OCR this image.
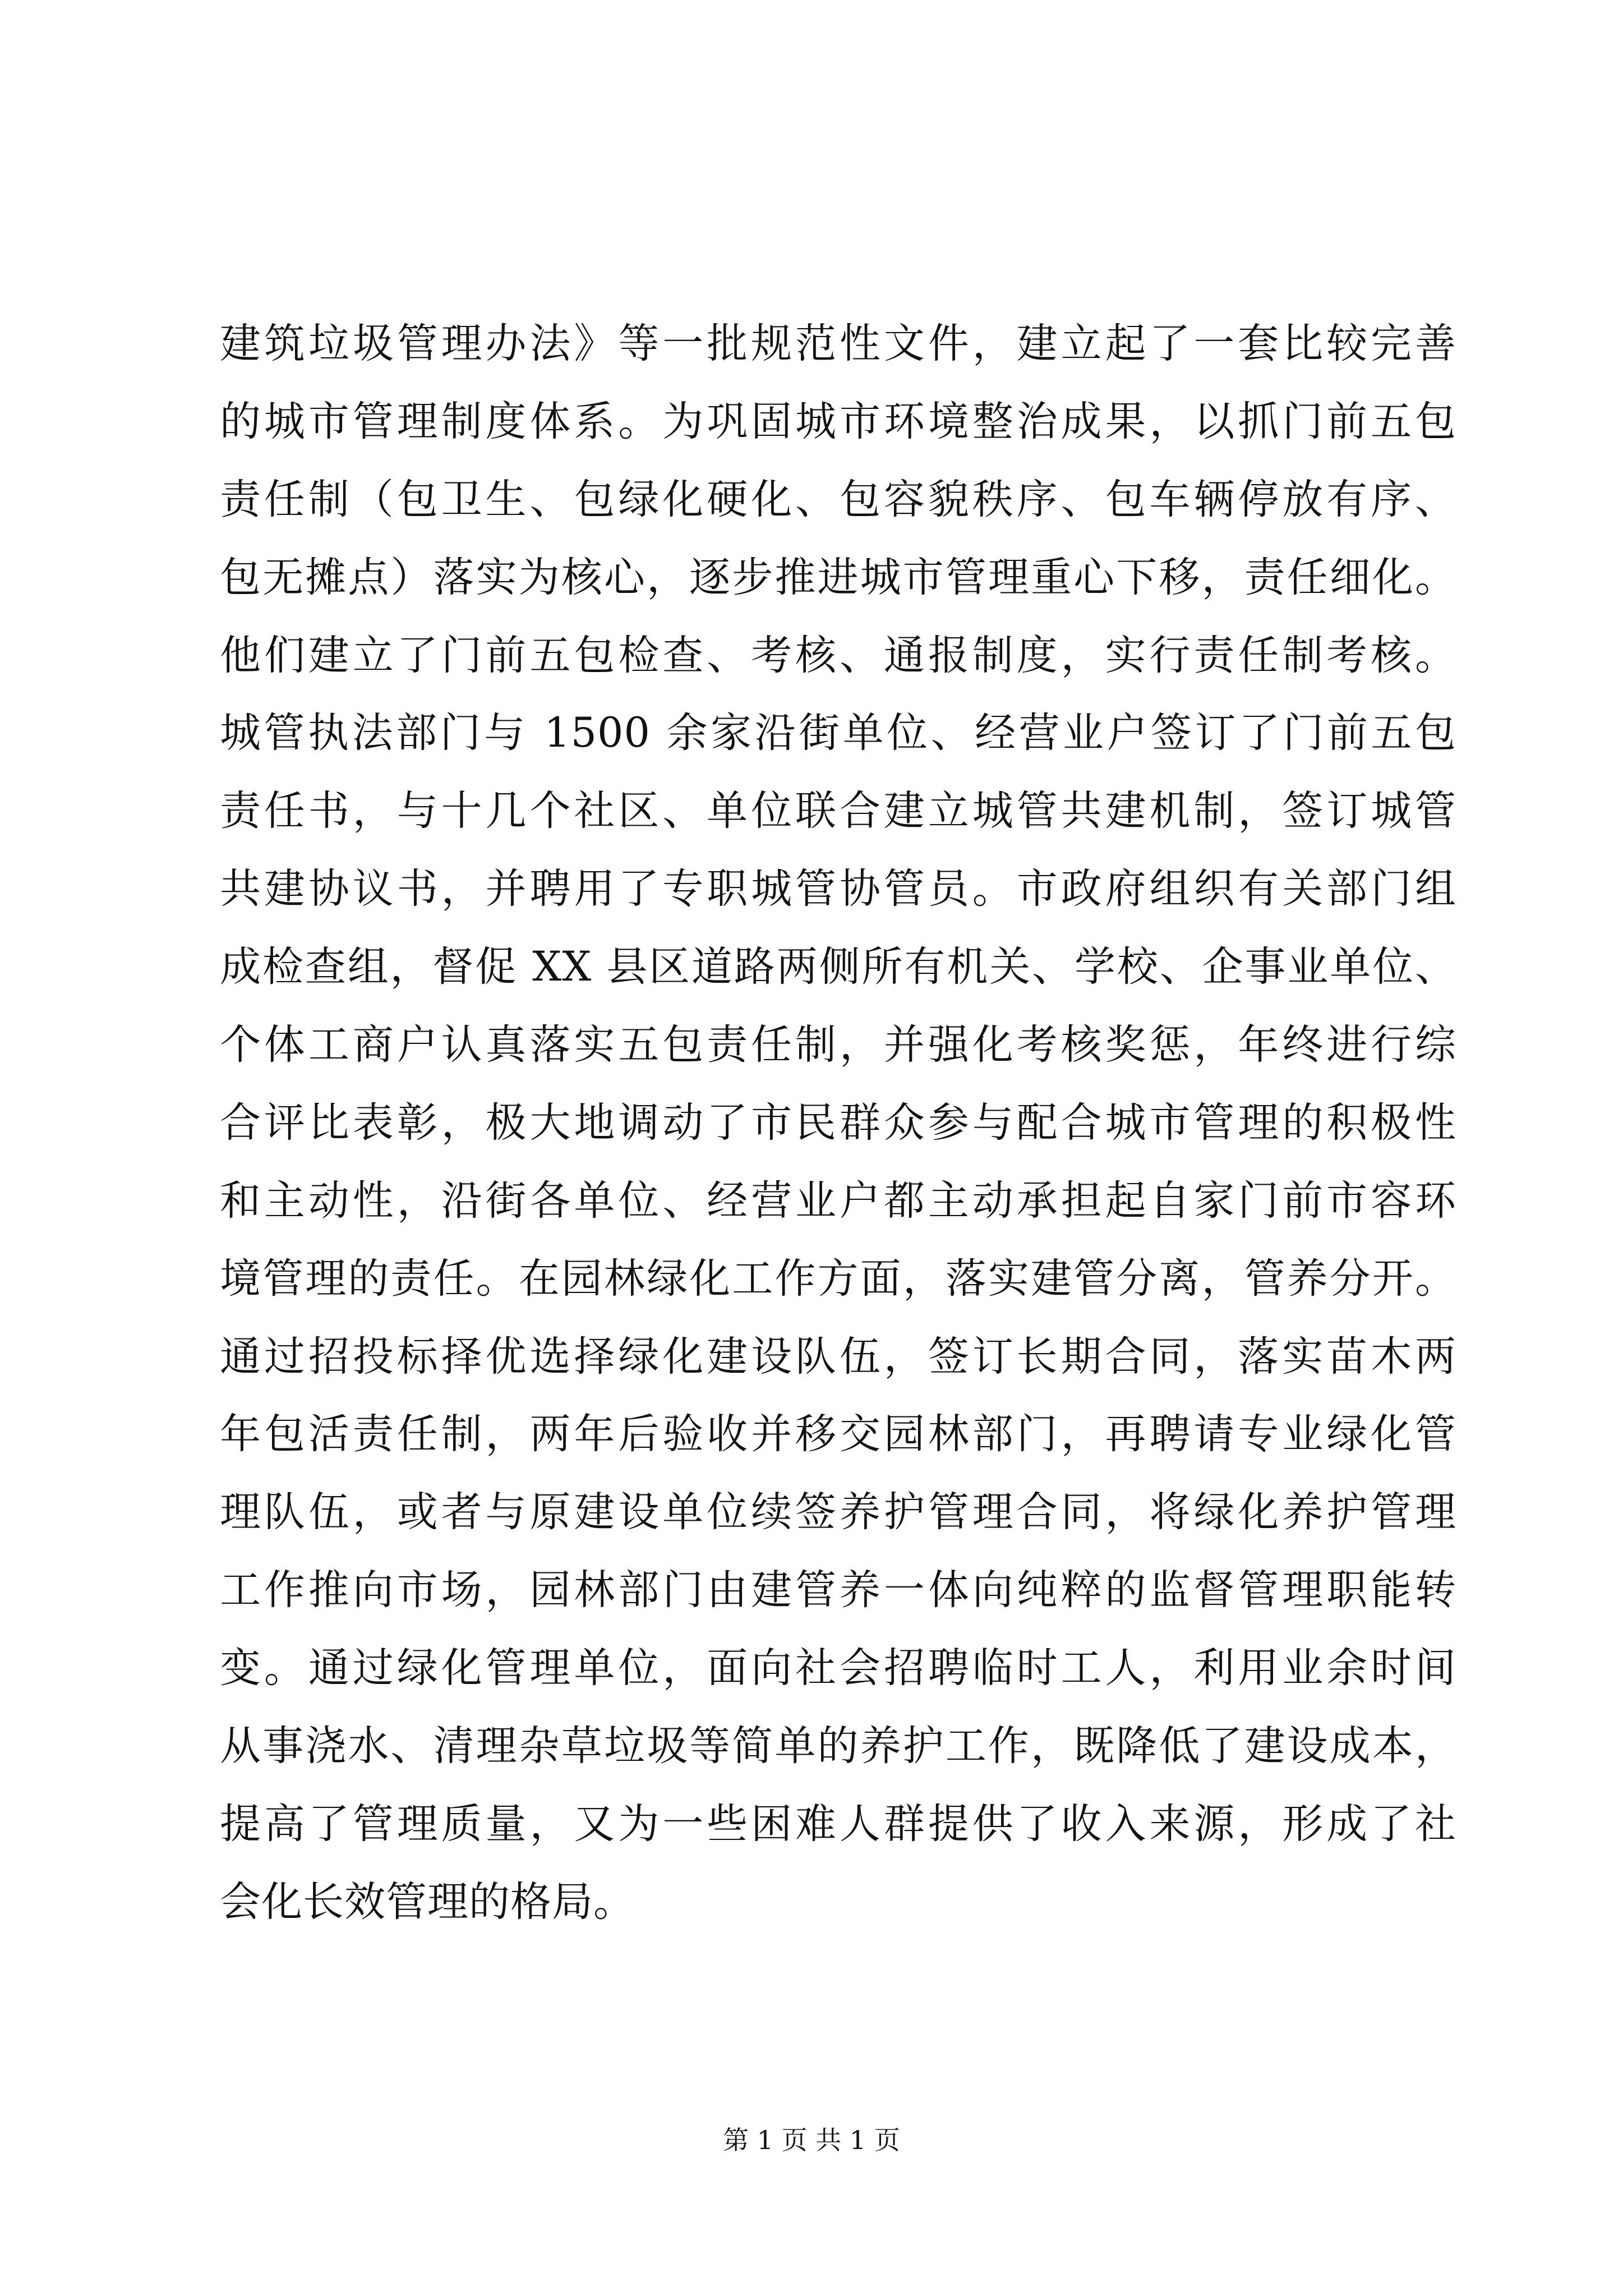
建筑垃圾管理办法》等一批规范性文件，建立起了一套比较完善
的城市管理制度体系。为巩固城市环境整治成果，以抓门前五包
责任制（包卫生、包绿化硬化、包容貌秩序、包车辆停放有序、
包无摊点）落实为核心，逐步推进城市管理重心下移，责任细化。
他们建立了门前五包检查、考核、通报制度，实行责任制考核。
城管执法部门与 1500 余家沿街单位、经营业户签订了门前五包
责任书，与十几个社区、单位联合建立城管共建机制，签订城管
共建协议书，并聘用了专职城管协管员。市政府组织有关部门组
成检查组，督促 XX 县区道路两侧所有机关、学校、企事业单位、
个体工商户认真落实五包责任制，并强化考核奖惩，年终进行综
合评比表彰，极大地调动了市民群众参与配合城市管理的积极性
和主动性，沿街各单位、经营业户都主动承担起自家门前市容环
境管理的责任。在园林绿化工作方面，落实建管分离，管养分开。
通过招投标择优选择绿化建设队伍，签订长期合同，落实苗木两
年包活责任制，两年后验收并移交园林部门，再聘请专业绿化管
理队伍，或者与原建设单位续签养护管理合同，将绿化养护管理
工作推向市场，园林部门由建管养一体向纯粹的监督管理职能转
变。通过绿化管理单位，面向社会招聘临时工人，利用业余时间
从事浇水、清理杂草垃圾等简单的养护工作，既降低了建设成本，
提高了管理质量，又为一些困难人群提供了收入来源，形成了社
会化长效管理的格局。
第 1 页 共 1 页
